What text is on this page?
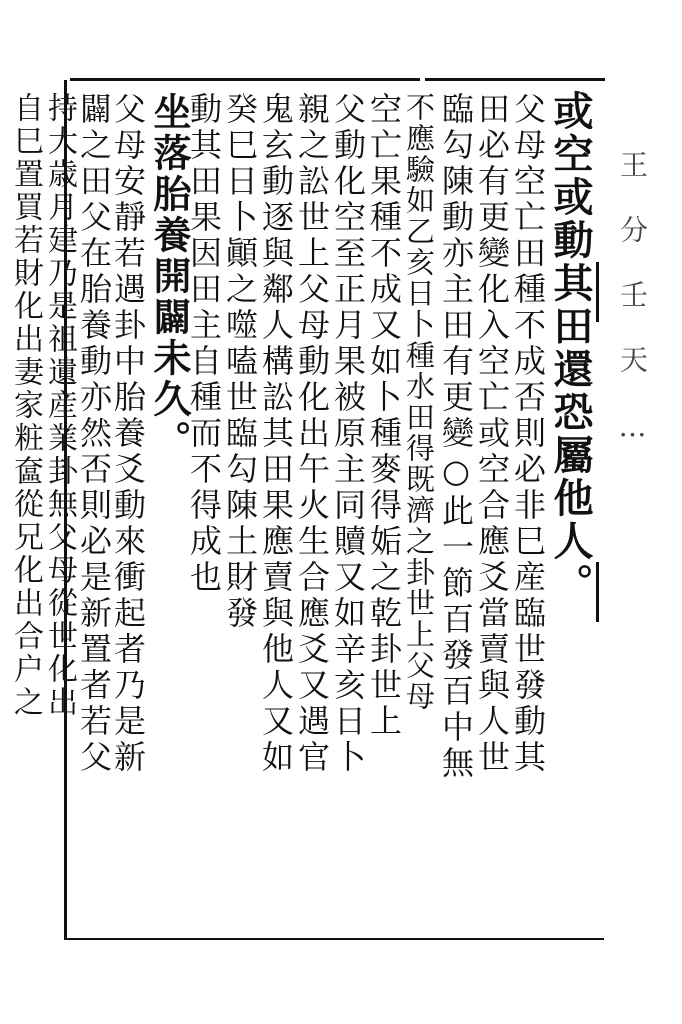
或空或動其田還恐屬他人。
父母空亡田種不成否則必非巳産臨世發動其
田必有更變化入空亡或空合應爻當賣與人世
臨勾陳動亦主田有更變○此一節百發百中無
不應驗如乙亥日卜種水田得既濟之卦世上父母
空亡果種不成又如卜種麥得姤之乾卦世上
父動化空至正月果被原主同贖又如辛亥日卜
親之訟世上父母動化出午火生合應爻又遇官
鬼玄動逐與鄰人構訟其田果應賣與他人又如
癸巳日卜顚之噬嗑世臨勾陳土財發
動其田果因田主自種而不得成也
坐落胎養開闢未久。
父母安靜若遇卦中胎養爻動來衝起者乃是新
闢之田父在胎養動亦然否則必是新置者若父
持大歳月建乃是祖遺産業卦無父母從世化出
自巳置買若財化出妻家粧奩從兄化出合户之	王 分 壬 天 …
